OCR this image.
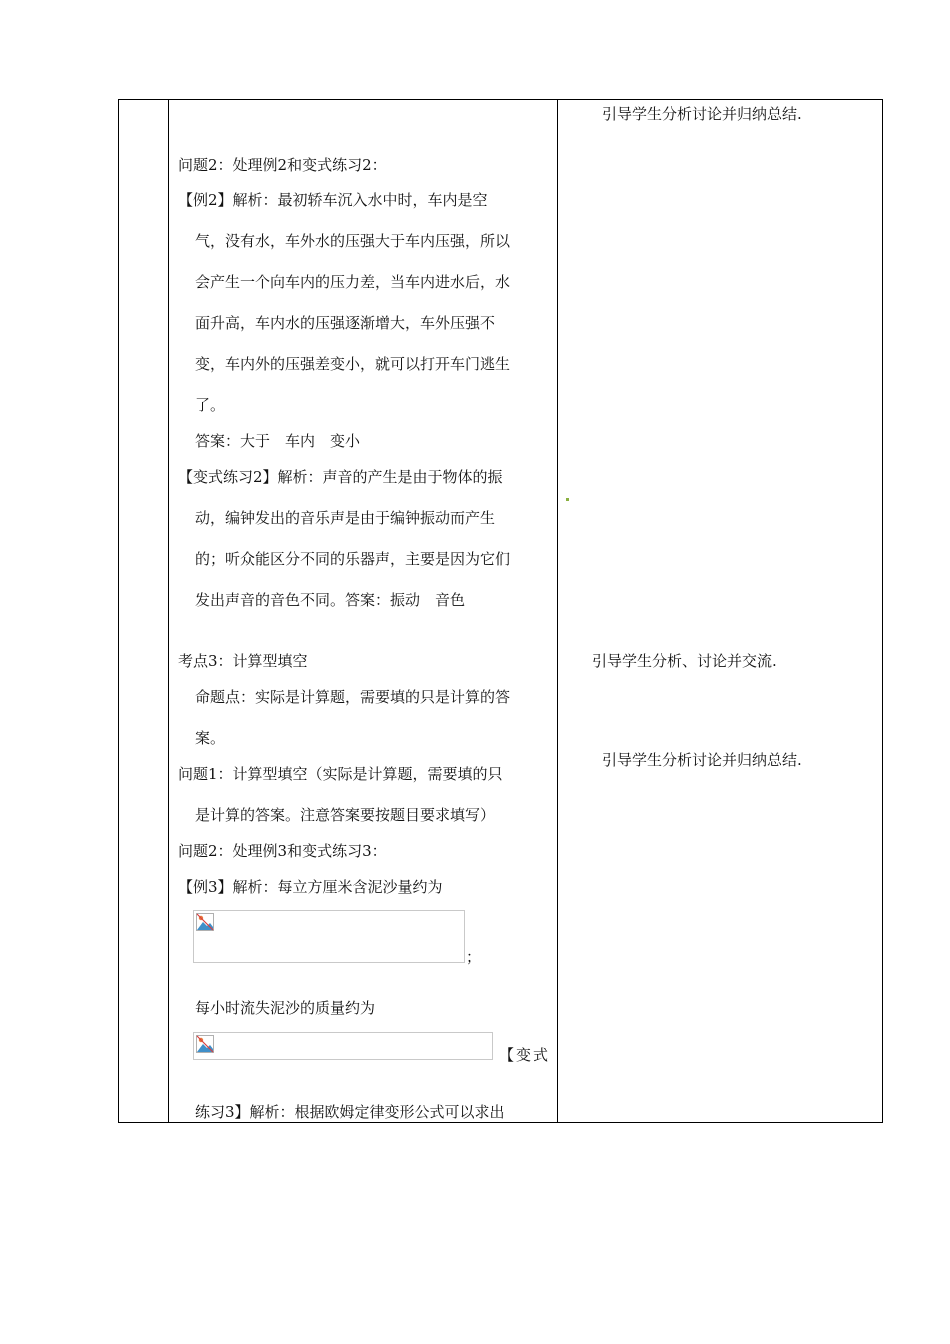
引导学生分析讨论并归纳总结.
引导学生分析、讨论并交流.
引导学生分析讨论并归纳总结.
问题2：处理例2和变式练习2：
【例2】解析：最初轿车沉入水中时，车内是空
气，没有水，车外水的压强大于车内压强，所以
会产生一个向车内的压力差，当车内进水后，水
面升高，车内水的压强逐渐增大，车外压强不
变，车内外的压强差变小，就可以打开车门逃生
了。
答案：大于　车内　变小
【变式练习2】解析：声音的产生是由于物体的振
动，编钟发出的音乐声是由于编钟振动而产生
的；听众能区分不同的乐器声，主要是因为它们
发出声音的音色不同。答案：振动　音色
考点3：计算型填空
命题点：实际是计算题，需要填的只是计算的答
案。
问题1：计算型填空（实际是计算题，需要填的只
是计算的答案。注意答案要按题目要求填写）
问题2：处理例3和变式练习3：
【例3】解析：每立方厘米含泥沙量约为
；
每小时流失泥沙的质量约为
【变式
练习3】解析：根据欧姆定律变形公式可以求出
